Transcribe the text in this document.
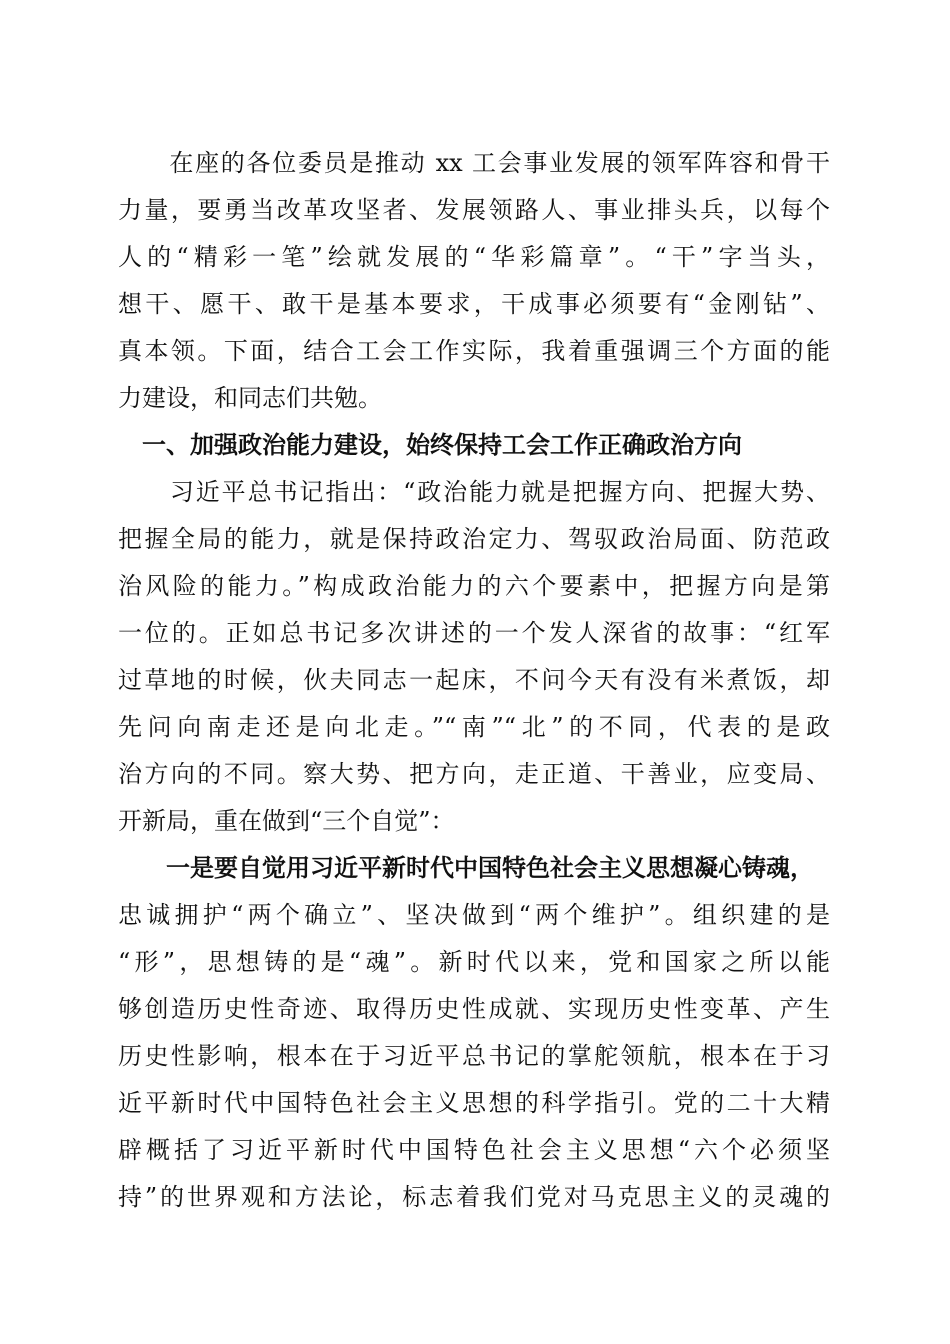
　　在座的各位委员是推动 xx 工会事业发展的领军阵容和骨干
力量，要勇当改革攻坚者、发展领路人、事业排头兵，以每个
人的“精彩一笔”绘就发展的“华彩篇章”。“干”字当头，
想干、愿干、敢干是基本要求，干成事必须要有“金刚钻”、
真本领。下面，结合工会工作实际，我着重强调三个方面的能
力建设，和同志们共勉。
　一、加强政治能力建设，始终保持工会工作正确政治方向
　　习近平总书记指出：“政治能力就是把握方向、把握大势、
把握全局的能力，就是保持政治定力、驾驭政治局面、防范政
治风险的能力。”构成政治能力的六个要素中，把握方向是第
一位的。正如总书记多次讲述的一个发人深省的故事：“红军
过草地的时候，伙夫同志一起床，不问今天有没有米煮饭，却
先问向南走还是向北走。”“南”“北”的不同，代表的是政
治方向的不同。察大势、把方向，走正道、干善业，应变局、
开新局，重在做到“三个自觉”：
　　一是要自觉用习近平新时代中国特色社会主义思想凝心铸魂，
忠诚拥护“两个确立”、坚决做到“两个维护”。组织建的是
“形”，思想铸的是“魂”。新时代以来，党和国家之所以能
够创造历史性奇迹、取得历史性成就、实现历史性变革、产生
历史性影响，根本在于习近平总书记的掌舵领航，根本在于习
近平新时代中国特色社会主义思想的科学指引。党的二十大精
辟概括了习近平新时代中国特色社会主义思想“六个必须坚
持”的世界观和方法论，标志着我们党对马克思主义的灵魂的
